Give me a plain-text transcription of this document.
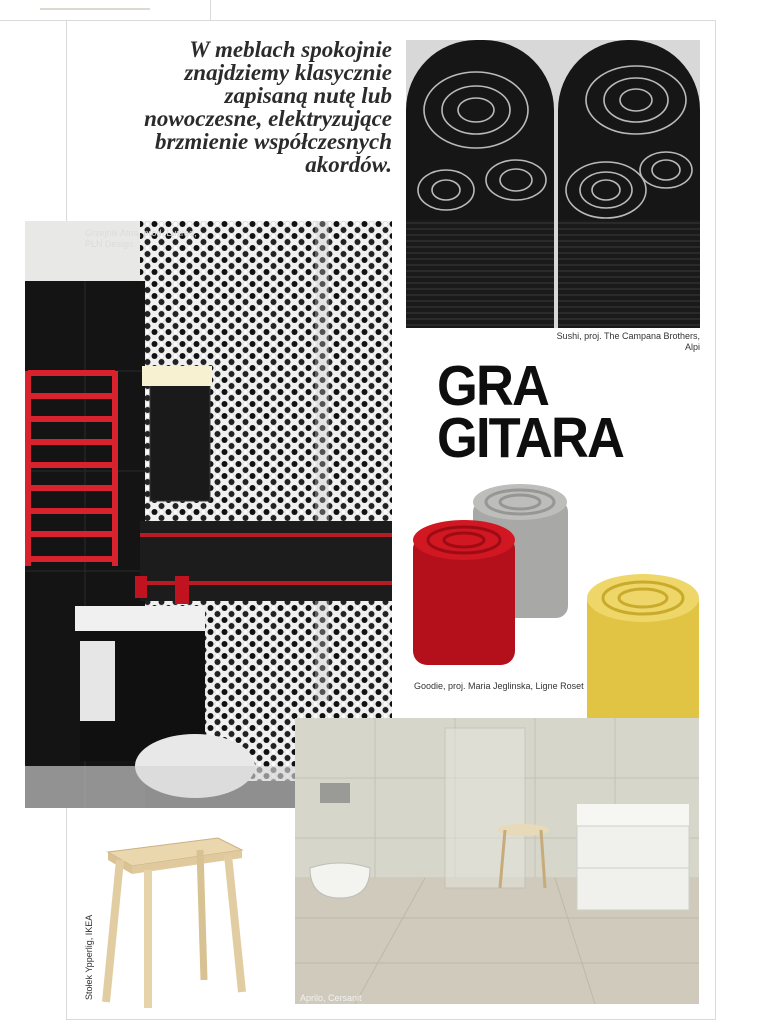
W meblach spokojnie
znajdziemy klasycznie
zapisaną nutę lub
nowoczesne, elektryzujące
brzmienie współczesnych
akordów.

Sushi, proj. The Campana Brothers, Alpi

GRA
GITARA

Grzejnik Atria, prod. Luxrad,
PLN Design

Goodie, proj. Maria Jeglinska, Ligne Roset

Aprilo, Cersanit

Stołek Ypperlig, IKEA
